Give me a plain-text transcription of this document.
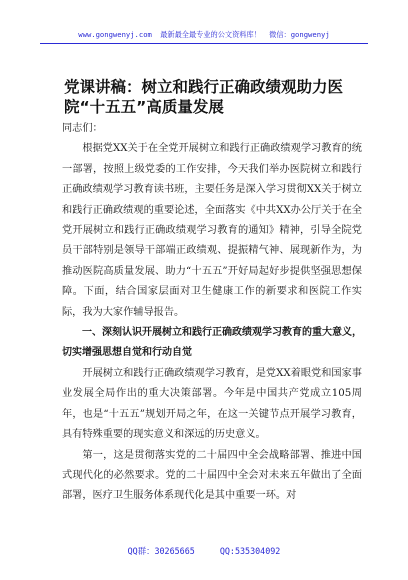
www.gongwenyj.com 最新最全最专业的公文资料库！ 微信：gongwenyj
党课讲稿：树立和践行正确政绩观助力医院“十五五”高质量发展

同志们：

根据党XX关于在全党开展树立和践行正确政绩观学习教育的统一部署，按照上级党委的工作安排，今天我们举办医院树立和践行正确政绩观学习教育读书班，主要任务是深入学习贯彻XX关于树立和践行正确政绩观的重要论述，全面落实《中共XX办公厅关于在全党开展树立和践行正确政绩观学习教育的通知》精神，引导全院党员干部特别是领导干部端正政绩观、提振精气神、展现新作为，为推动医院高质量发展、助力“十五五”开好局起好步提供坚强思想保障。下面，结合国家层面对卫生健康工作的新要求和医院工作实际，我为大家作辅导报告。

一、深刻认识开展树立和践行正确政绩观学习教育的重大意义，切实增强思想自觉和行动自觉

开展树立和践行正确政绩观学习教育，是党XX着眼党和国家事业发展全局作出的重大决策部署。今年是中国共产党成立105周年，也是“十五五”规划开局之年，在这一关键节点开展学习教育，具有特殊重要的现实意义和深远的历史意义。

第一，这是贯彻落实党的二十届四中全会战略部署、推进中国式现代化的必然要求。党的二十届四中全会对未来五年做出了全面部署，医疗卫生服务体系现代化是其中重要一环。对

QQ群：30265665	QQ:535304092
